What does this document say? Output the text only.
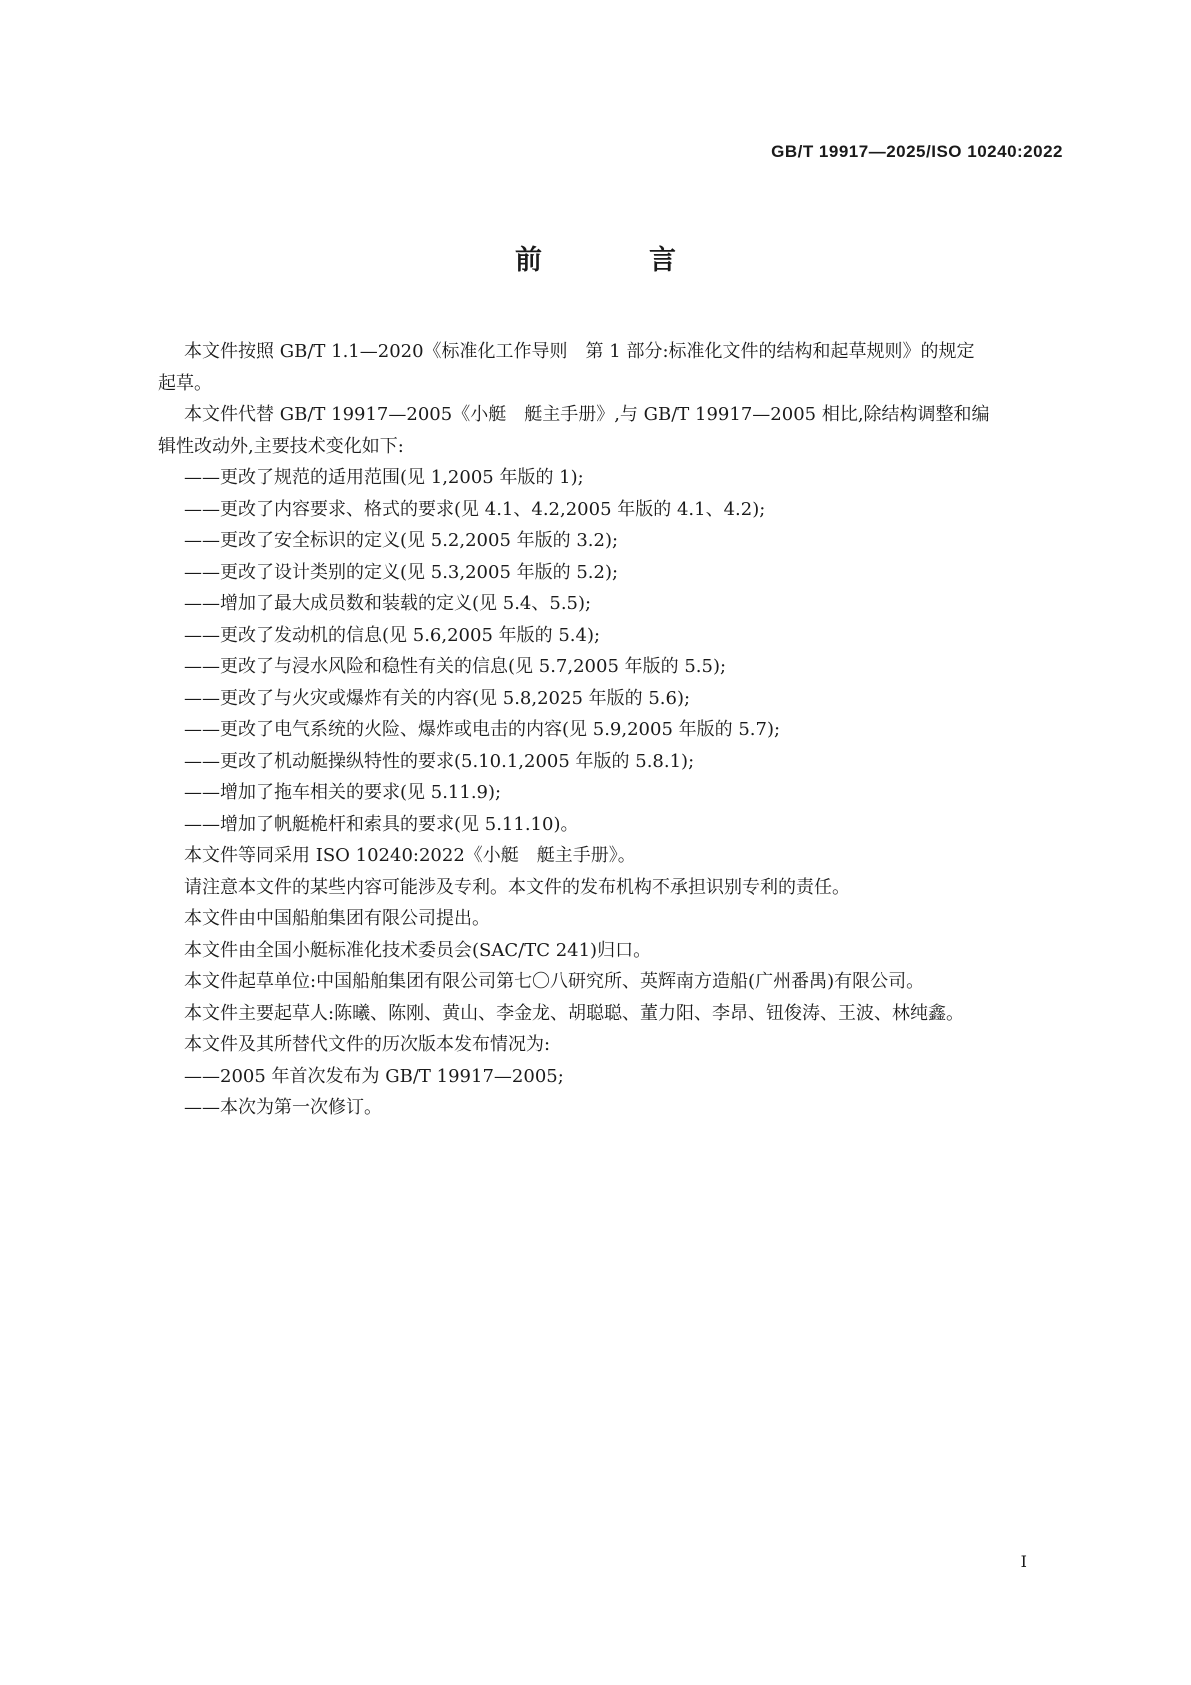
GB/T 19917—2025/ISO 10240:2022
前　言

本文件按照 GB/T 1.1—2020《标准化工作导则　第 1 部分:标准化文件的结构和起草规则》的规定

起草。

本文件代替 GB/T 19917—2005《小艇　艇主手册》,与 GB/T 19917—2005 相比,除结构调整和编

辑性改动外,主要技术变化如下:

——更改了规范的适用范围(见 1,2005 年版的 1);

——更改了内容要求、格式的要求(见 4.1、4.2,2005 年版的 4.1、4.2);

——更改了安全标识的定义(见 5.2,2005 年版的 3.2);

——更改了设计类别的定义(见 5.3,2005 年版的 5.2);

——增加了最大成员数和装载的定义(见 5.4、5.5);

——更改了发动机的信息(见 5.6,2005 年版的 5.4);

——更改了与浸水风险和稳性有关的信息(见 5.7,2005 年版的 5.5);

——更改了与火灾或爆炸有关的内容(见 5.8,2025 年版的 5.6);

——更改了电气系统的火险、爆炸或电击的内容(见 5.9,2005 年版的 5.7);

——更改了机动艇操纵特性的要求(5.10.1,2005 年版的 5.8.1);

——增加了拖车相关的要求(见 5.11.9);

——增加了帆艇桅杆和索具的要求(见 5.11.10)。

本文件等同采用 ISO 10240:2022《小艇　艇主手册》。

请注意本文件的某些内容可能涉及专利。本文件的发布机构不承担识别专利的责任。

本文件由中国船舶集团有限公司提出。

本文件由全国小艇标准化技术委员会(SAC/TC 241)归口。

本文件起草单位:中国船舶集团有限公司第七〇八研究所、英辉南方造船(广州番禺)有限公司。

本文件主要起草人:陈曦、陈刚、黄山、李金龙、胡聪聪、董力阳、李昂、钮俊涛、王波、林纯鑫。

本文件及其所替代文件的历次版本发布情况为:

——2005 年首次发布为 GB/T 19917—2005;

——本次为第一次修订。

I
